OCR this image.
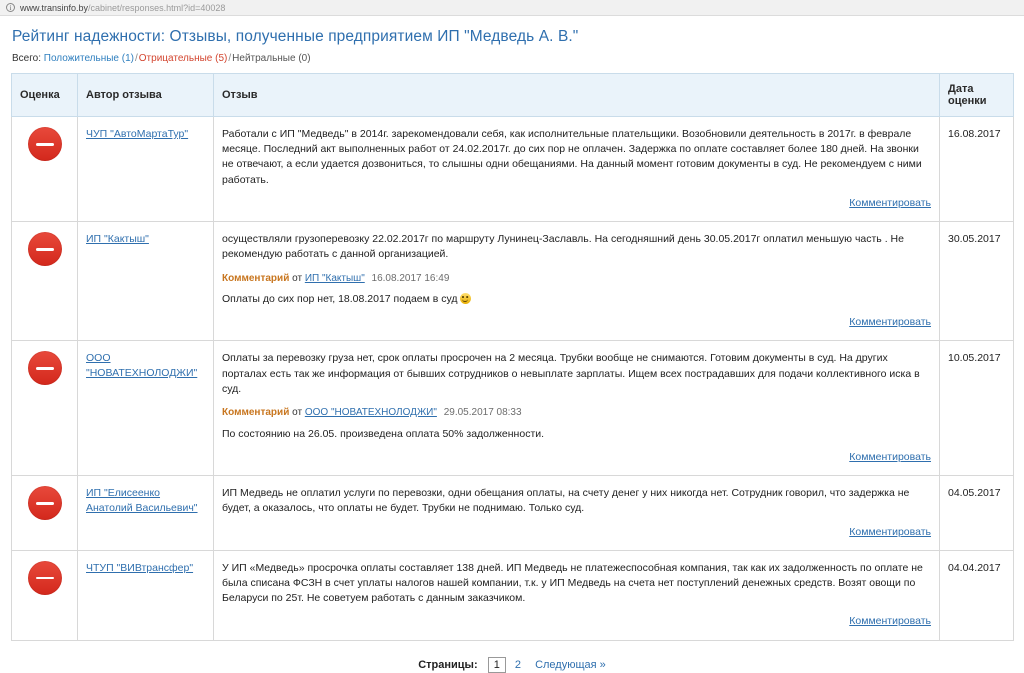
i www.transinfo.by /cabinet/responses.html?id=40028
Рейтинг надежности: Отзывы, полученные предприятием ИП "Медведь А. В."
Всего: Положительные (1)/Отрицательные (5)/Нейтральные (0)
Оценка	Автор отзыва	Отзыв	Дата оценки
	ЧУП "АвтоМартаТур"	Работали с ИП "Медведь" в 2014г. зарекомендовали себя, как исполнительные плательщики. Возобновили деятельность в 2017г. в феврале месяце. Последний акт выполненных работ от 24.02.2017г. до сих пор не оплачен. Задержка по оплате составляет более 180 дней. На звонки не отвечают, а если удается дозвониться, то слышны одни обещаниями. На данный момент готовим документы в суд. Не рекомендуем с ними работать.
Комментировать	16.08.2017
	ИП "Кактыш"	осуществляли грузоперевозку 22.02.2017г по маршруту Лунинец-Заславль. На сегодняшний день 30.05.2017г оплатил меньшую часть . Не рекомендую работать с данной организацией.
Комментарий от ИП "Кактыш" 16.08.2017 16:49
Оплаты до сих пор нет, 18.08.2017 подаем в суд
Комментировать	30.05.2017
	ООО "НОВАТЕХНОЛОДЖИ"	Оплаты за перевозку груза нет, срок оплаты просрочен на 2 месяца. Трубки вообще не снимаются. Готовим документы в суд. На других порталах есть так же информация от бывших сотрудников о невыплате зарплаты. Ищем всех пострадавших для подачи коллективного иска в суд.
Комментарий от ООО "НОВАТЕХНОЛОДЖИ" 29.05.2017 08:33
По состоянию на 26.05. произведена оплата 50% задолженности.
Комментировать	10.05.2017
	ИП "Елисеенко Анатолий Васильевич"	ИП Медведь не оплатил услуги по перевозки, одни обещания оплаты, на счету денег у них никогда нет. Сотрудник говорил, что задержка не будет, а оказалось, что оплаты не будет. Трубки не поднимаю. Только суд.
Комментировать	04.05.2017
	ЧТУП "ВИВтрансфер"	У ИП «Медведь» просрочка оплаты составляет 138 дней. ИП Медведь не платежеспособная компания, так как их задолженность по оплате не была списана ФСЗН в счет уплаты налогов нашей компании, т.к. у ИП Медведь на счета нет поступлений денежных средств. Возят овощи по Беларуси по 25т. Не советуем работать с данным заказчиком.
Комментировать	04.04.2017
Страницы: 1 2 Следующая »
